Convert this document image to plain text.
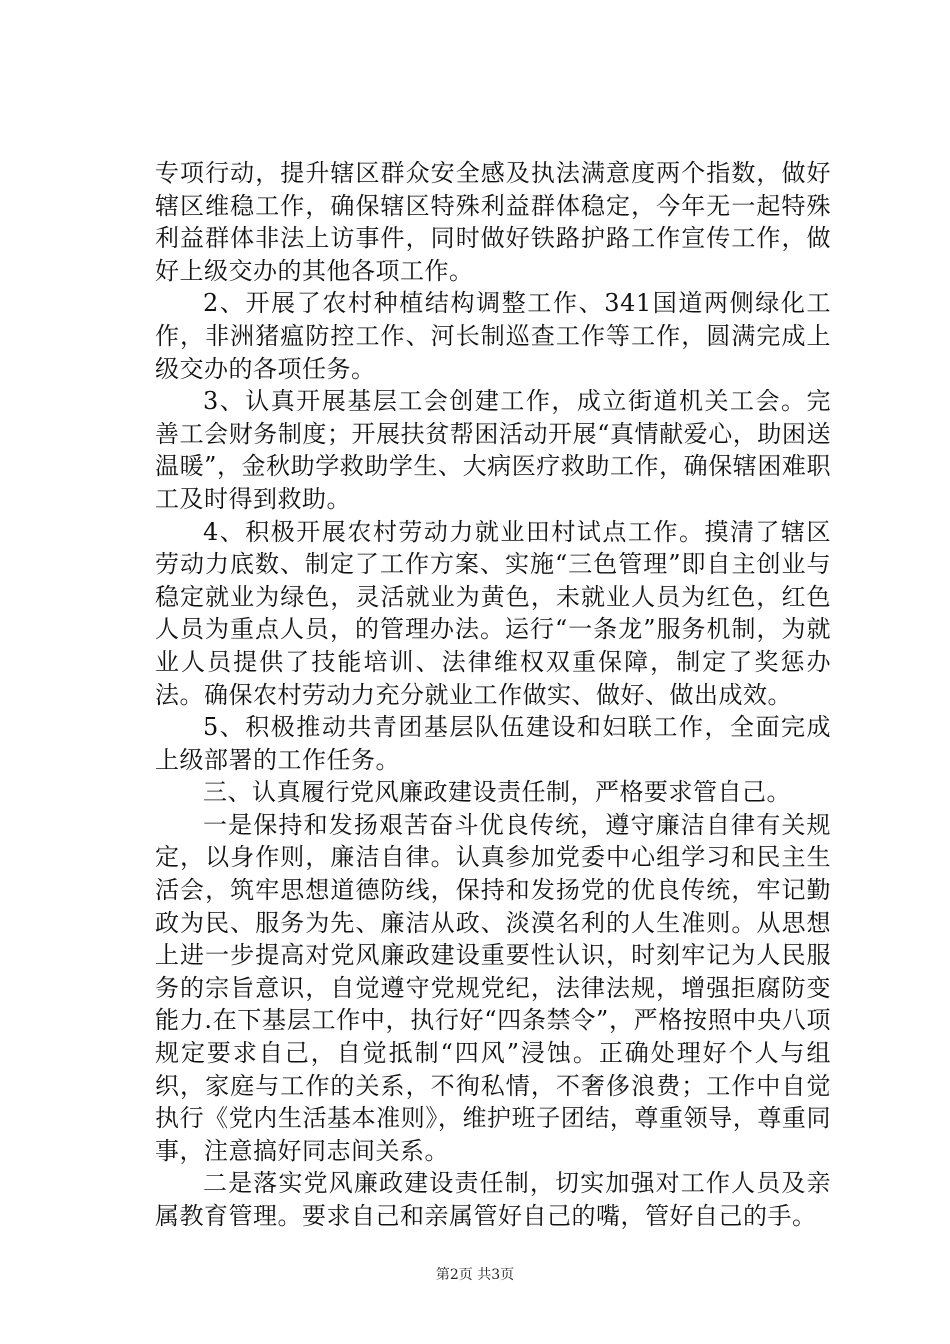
专项行动，提升辖区群众安全感及执法满意度两个指数，做好辖区维稳工作，确保辖区特殊利益群体稳定，今年无一起特殊利益群体非法上访事件，同时做好铁路护路工作宣传工作，做好上级交办的其他各项工作。

2、开展了农村种植结构调整工作、341国道两侧绿化工作，非洲猪瘟防控工作、河长制巡查工作等工作，圆满完成上级交办的各项任务。

3、认真开展基层工会创建工作，成立街道机关工会。完善工会财务制度；开展扶贫帮困活动开展“真情献爱心，助困送温暖”，金秋助学救助学生、大病医疗救助工作，确保辖困难职工及时得到救助。

4、积极开展农村劳动力就业田村试点工作。摸清了辖区劳动力底数、制定了工作方案、实施“三色管理”即自主创业与稳定就业为绿色，灵活就业为黄色，未就业人员为红色，红色人员为重点人员，的管理办法。运行“一条龙”服务机制，为就业人员提供了技能培训、法律维权双重保障，制定了奖惩办法。确保农村劳动力充分就业工作做实、做好、做出成效。

5、积极推动共青团基层队伍建设和妇联工作，全面完成上级部署的工作任务。

三、认真履行党风廉政建设责任制，严格要求管自己。

一是保持和发扬艰苦奋斗优良传统，遵守廉洁自律有关规定，以身作则，廉洁自律。认真参加党委中心组学习和民主生活会，筑牢思想道德防线，保持和发扬党的优良传统，牢记勤政为民、服务为先、廉洁从政、淡漠名利的人生准则。从思想上进一步提高对党风廉政建设重要性认识，时刻牢记为人民服务的宗旨意识，自觉遵守党规党纪，法律法规，增强拒腐防变能力.在下基层工作中，执行好“四条禁令”，严格按照中央八项规定要求自己，自觉抵制“四风”浸蚀。正确处理好个人与组织，家庭与工作的关系，不徇私情，不奢侈浪费；工作中自觉执行《党内生活基本准则》，维护班子团结，尊重领导，尊重同事，注意搞好同志间关系。

二是落实党风廉政建设责任制，切实加强对工作人员及亲属教育管理。要求自己和亲属管好自己的嘴，管好自己的手。

第2页 共3页
